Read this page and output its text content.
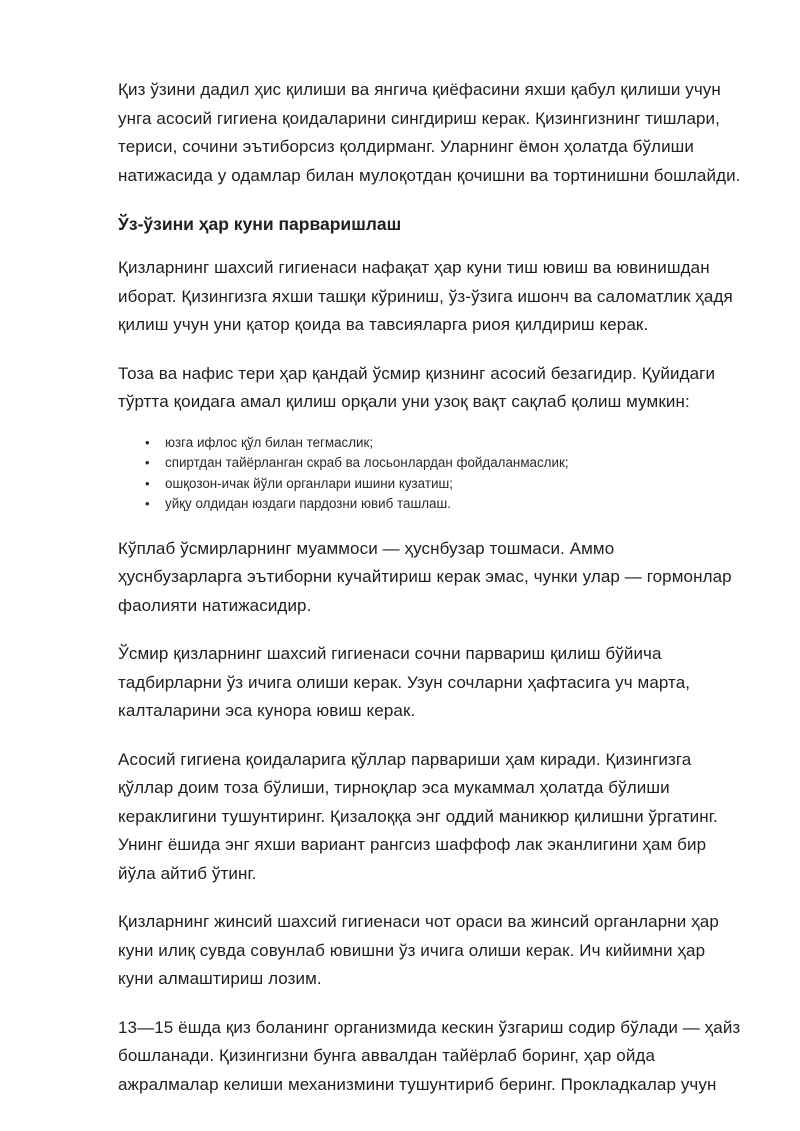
Қиз ўзини дадил ҳис қилиши ва янгича қиёфасини яхши қабул қилиши учун унга асосий гигиена қоидаларини сингдириш керак. Қизингизнинг тишлари, териси, сочини эътиборсиз қолдирманг. Уларнинг ёмон ҳолатда бўлиши натижасида у одамлар билан мулоқотдан қочишни ва тортинишни бошлайди.

Ўз-ўзини ҳар куни парваришлаш

Қизларнинг шахсий гигиенаси нафақат ҳар куни тиш ювиш ва ювинишдан иборат. Қизингизга яхши ташқи кўриниш, ўз-ўзига ишонч ва саломатлик ҳадя қилиш учун уни қатор қоида ва тавсияларга риоя қилдириш керак.

Тоза ва нафис тери ҳар қандай ўсмир қизнинг асосий безагидир. Қуйидаги тўртта қоидага амал қилиш орқали уни узоқ вақт сақлаб қолиш мумкин:

• юзга ифлос қўл билан тегмаслик;
• спиртдан тайёрланган скраб ва лосьонлардан фойдаланмаслик;
• ошқозон-ичак йўли органлари ишини кузатиш;
• уйқу олдидан юздаги пардозни ювиб ташлаш.

Кўплаб ўсмирларнинг муаммоси — ҳуснбузар тошмаси. Аммо ҳуснбузарларга эътиборни кучайтириш керак эмас, чунки улар — гормонлар фаолияти натижасидир.

Ўсмир қизларнинг шахсий гигиенаси сочни парвариш қилиш бўйича тадбирларни ўз ичига олиши керак. Узун сочларни ҳафтасига уч марта, калталарини эса кунора ювиш керак.

Асосий гигиена қоидаларига қўллар парвариши ҳам киради. Қизингизга қўллар доим тоза бўлиши, тирноқлар эса мукаммал ҳолатда бўлиши кераклигини тушунтиринг. Қизалоққа энг оддий маникюр қилишни ўргатинг. Унинг ёшида энг яхши вариант рангсиз шаффоф лак эканлигини ҳам бир йўла айтиб ўтинг.

Қизларнинг жинсий шахсий гигиенаси чот ораси ва жинсий органларни ҳар куни илиқ сувда совунлаб ювишни ўз ичига олиши керак. Ич кийимни ҳар куни алмаштириш лозим.

13—15 ёшда қиз боланинг организмида кескин ўзгариш содир бўлади — ҳайз бошланади. Қизингизни бунга аввалдан тайёрлаб боринг, ҳар ойда ажралмалар келиши механизмини тушунтириб беринг. Прокладкалар учун
